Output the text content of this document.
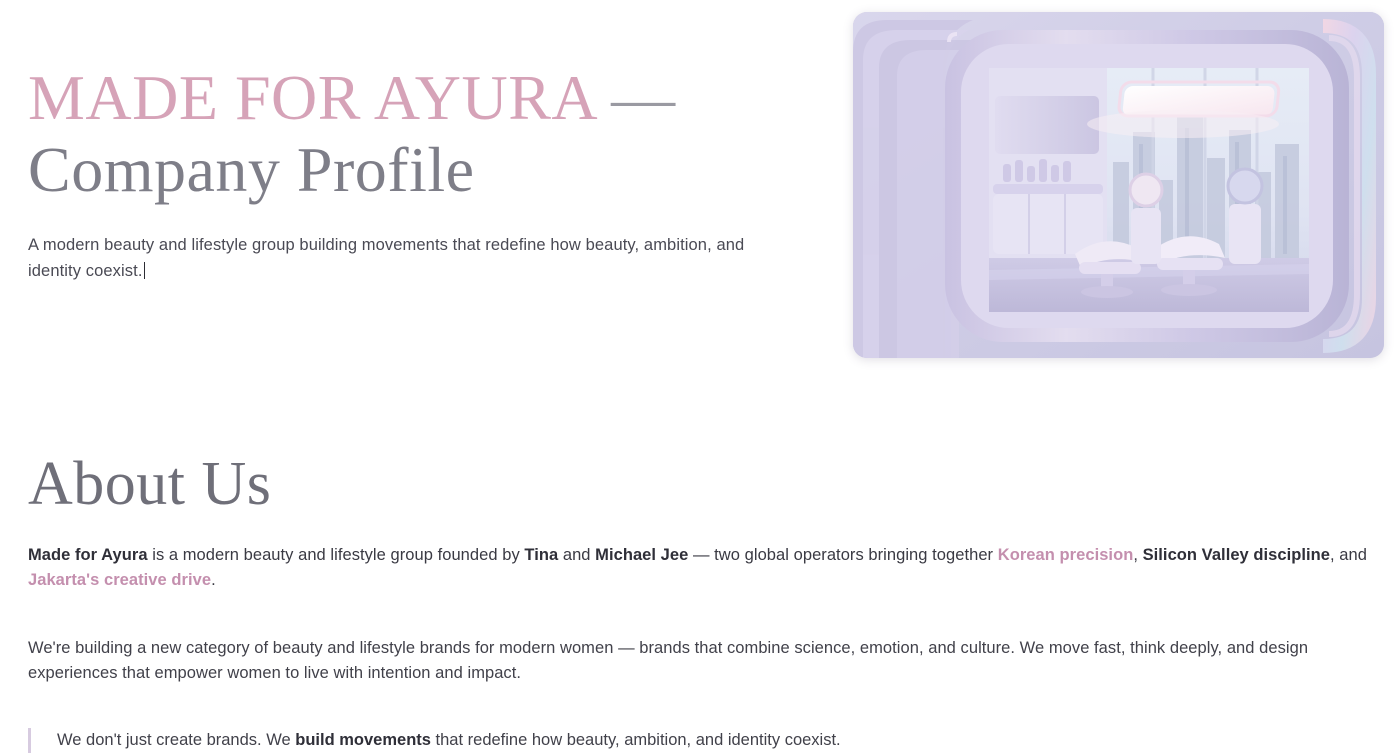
MADE FOR AYURA —
Company Profile

A modern beauty and lifestyle group building movements that redefine how beauty, ambition, and identity coexist.

About Us

Made for Ayura is a modern beauty and lifestyle group founded by Tina and Michael Jee — two global operators bringing together Korean precision, Silicon Valley discipline, and Jakarta's creative drive.

We're building a new category of beauty and lifestyle brands for modern women — brands that combine science, emotion, and culture. We move fast, think deeply, and design experiences that empower women to live with intention and impact.

We don't just create brands. We build movements that redefine how beauty, ambition, and identity coexist.
